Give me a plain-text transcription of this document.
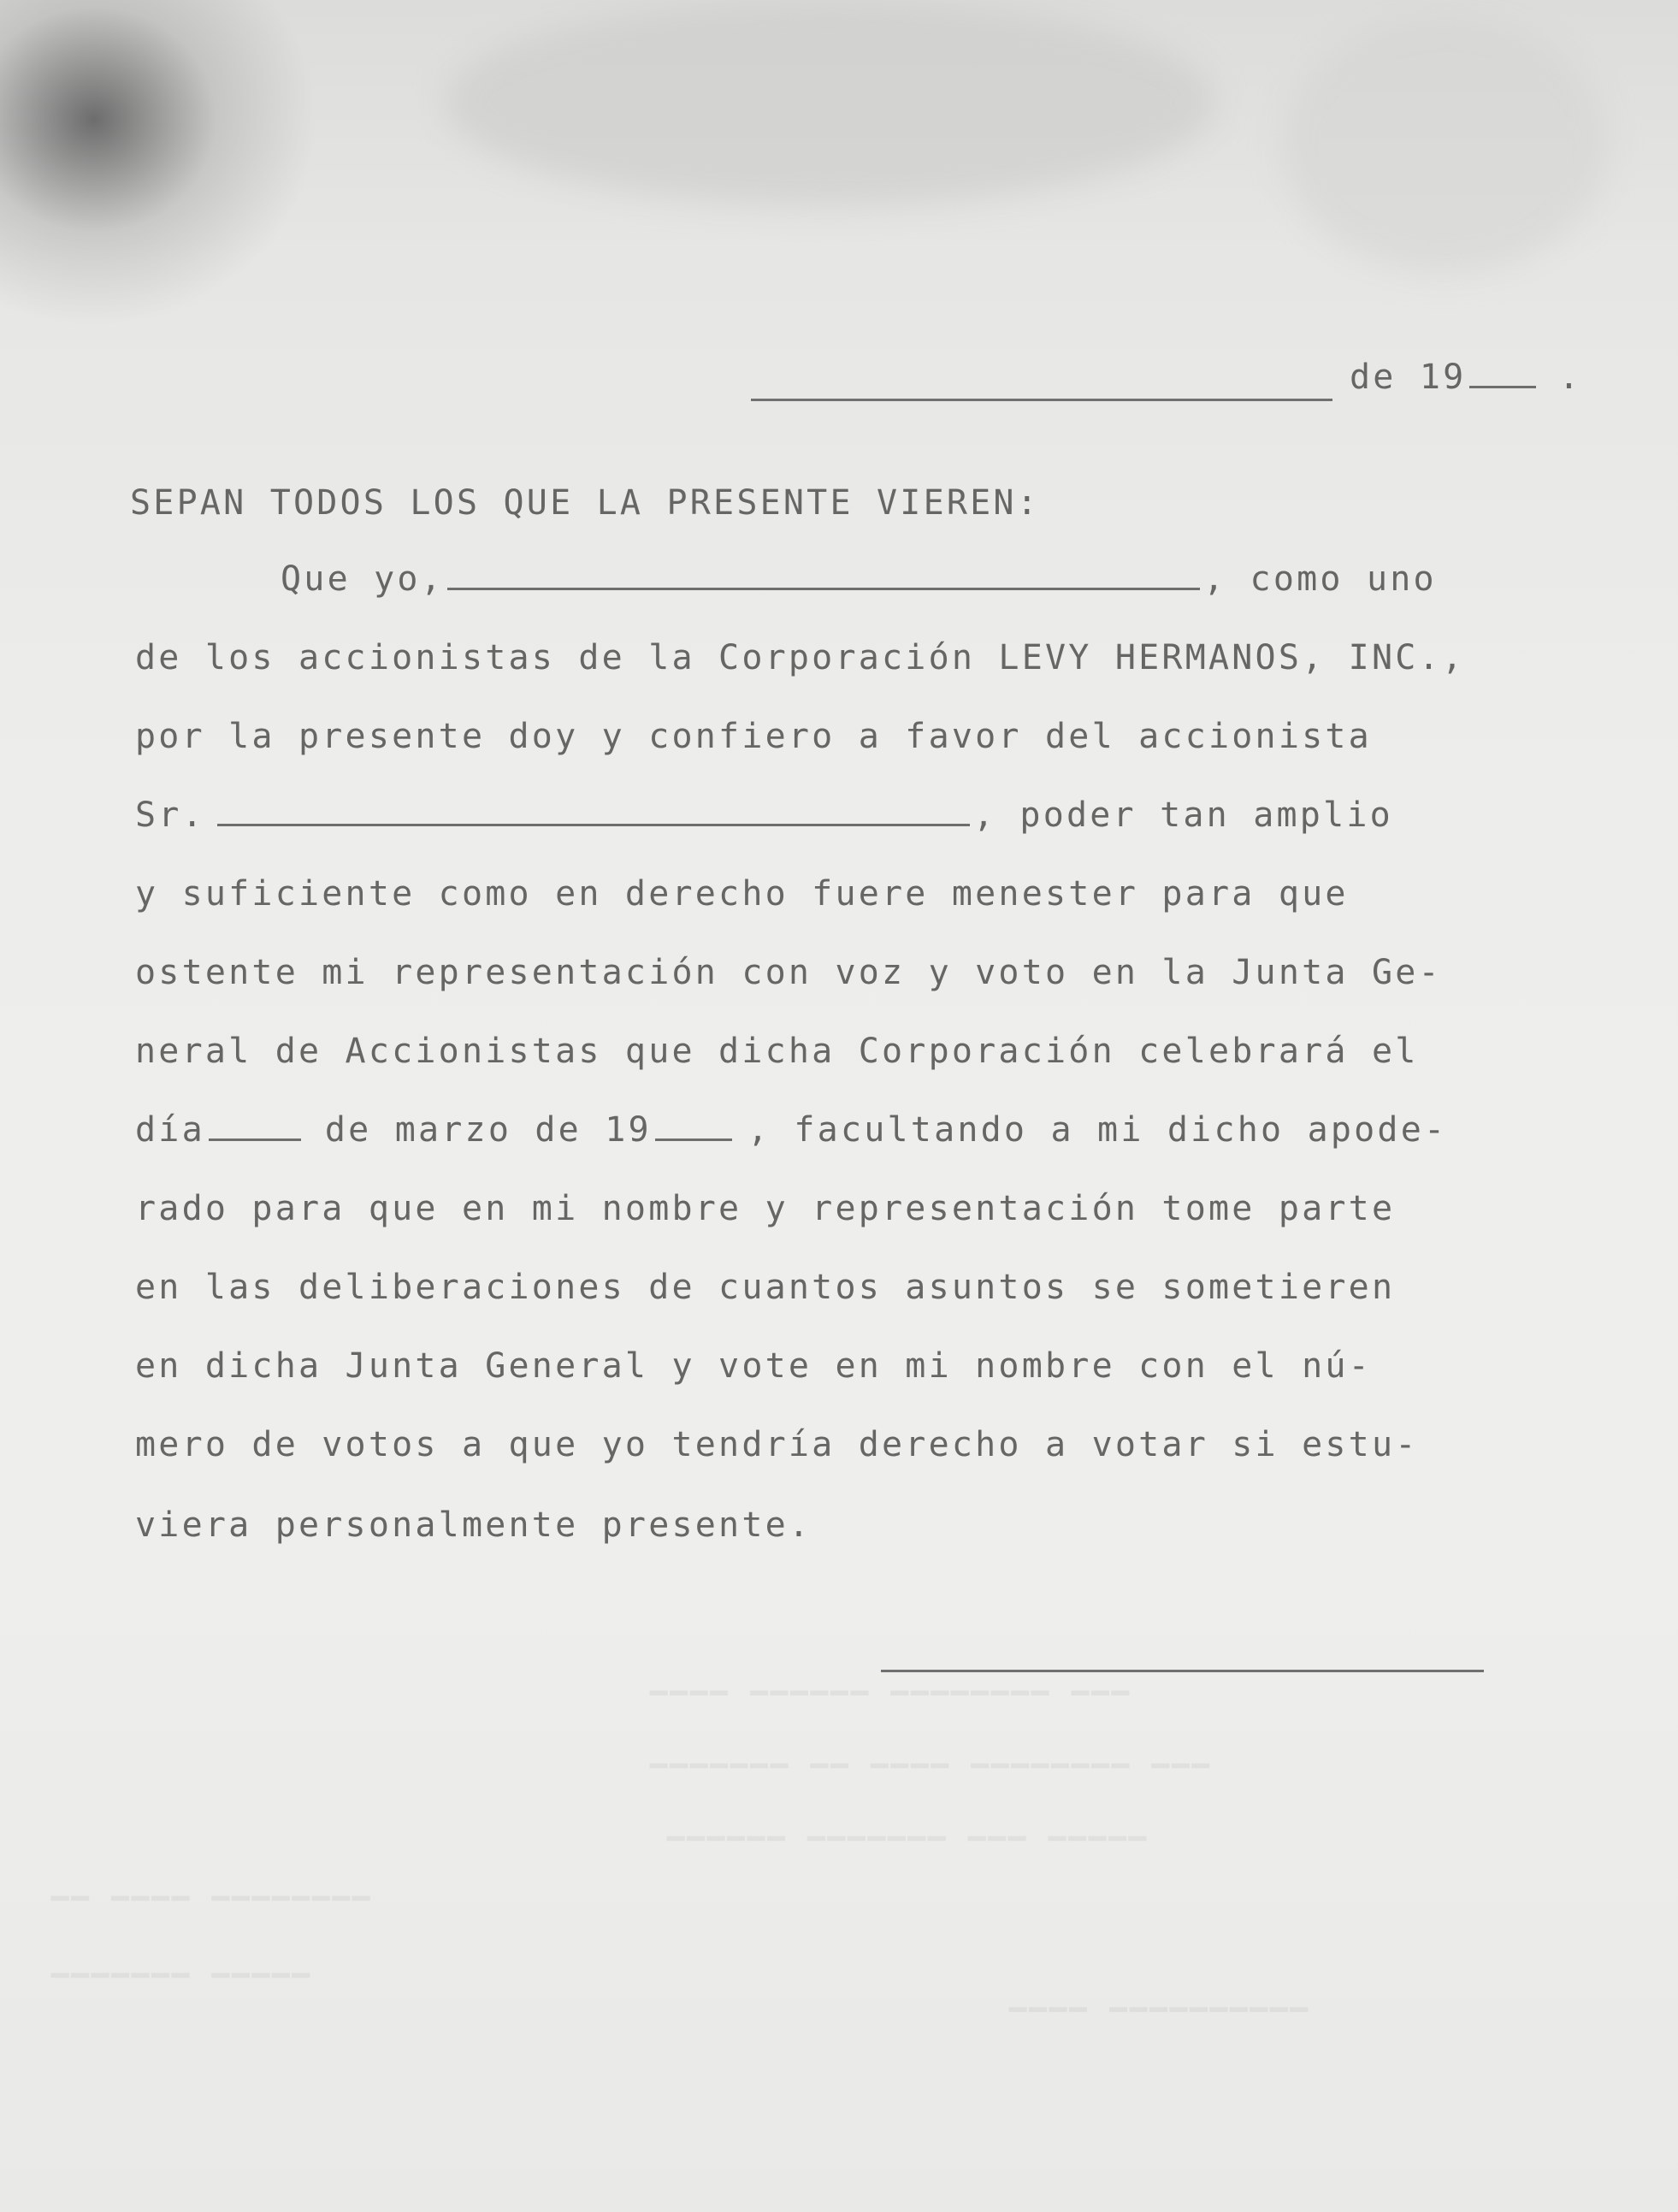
━━━━ ━━━━━━ ━━━━━━━━ ━━━
━━━━━━━ ━━ ━━━━ ━━━━━━━━ ━━━
━━━━━━ ━━━━━━━ ━━━ ━━━━━
━━ ━━━━ ━━━━━━━━
━━━━━━━ ━━━━━
━━━━ ━━━━━━━━━━
de 19	.
SEPAN TODOS LOS QUE LA PRESENTE VIEREN:
Que yo,	, como uno
de los accionistas de la Corporación LEVY HERMANOS, INC.,
por la presente doy y confiero a favor del accionista
Sr.	, poder tan amplio
y suficiente como en derecho fuere menester para que
ostente mi representación con voz y voto en la Junta Ge-
neral de Accionistas que dicha Corporación celebrará el
día	de marzo de 19	, facultando a mi dicho apode-
rado para que en mi nombre y representación tome parte
en las deliberaciones de cuantos asuntos se sometieren
en dicha Junta General y vote en mi nombre con el nú-
mero de votos a que yo tendría derecho a votar si estu-
viera personalmente presente.
